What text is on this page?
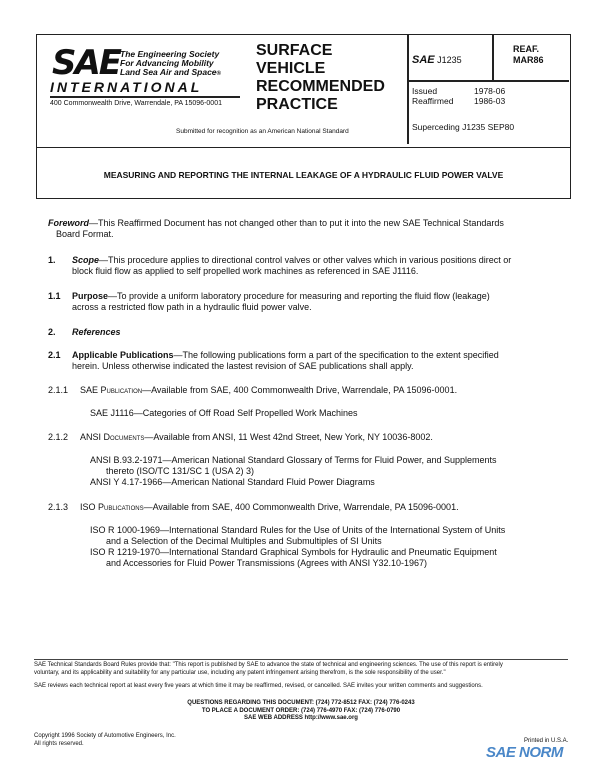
SAE The Engineering Society
For Advancing Mobility
Land Sea Air and Space®
INTERNATIONAL
400 Commonwealth Drive, Warrendale, PA 15096-0001
SURFACE
VEHICLE
RECOMMENDED
PRACTICE
SAE J1235
REAF.
MAR86
Issued	1978-06
Reaffirmed 1986-03
Superceding J1235 SEP80
Submitted for recognition as an American National Standard
MEASURING AND REPORTING THE INTERNAL LEAKAGE OF A HYDRAULIC FLUID POWER VALVE
Foreword—This Reaffirmed Document has not changed other than to put it into the new SAE Technical Standards
Board Format.
1. Scope—This procedure applies to directional control valves or other valves which in various positions direct or
block fluid flow as applied to self propelled work machines as referenced in SAE J1116.
1.1 Purpose—To provide a uniform laboratory procedure for measuring and reporting the fluid flow (leakage)
across a restricted flow path in a hydraulic fluid power valve.
2. References
2.1 Applicable Publications—The following publications form a part of the specification to the extent specified
herein. Unless otherwise indicated the lastest revision of SAE publications shall apply.
2.1.1 SAE Publication—Available from SAE, 400 Commonwealth Drive, Warrendale, PA 15096-0001.
SAE J1116—Categories of Off Road Self Propelled Work Machines
2.1.2 ANSI Documents—Available from ANSI, 11 West 42nd Street, New York, NY 10036-8002.
ANSI B.93.2-1971—American National Standard Glossary of Terms for Fluid Power, and Supplements
thereto (ISO/TC 131/SC 1 (USA 2) 3)
ANSI Y 4.17-1966—American National Standard Fluid Power Diagrams
2.1.3 ISO Publications—Available from SAE, 400 Commonwealth Drive, Warrendale, PA 15096-0001.
ISO R 1000-1969—International Standard Rules for the Use of Units of the International System of Units
and a Selection of the Decimal Multiples and Submultiples of SI Units
ISO R 1219-1970—International Standard Graphical Symbols for Hydraulic and Pneumatic Equipment
and Accessories for Fluid Power Transmissions (Agrees with ANSI Y32.10-1967)
SAE Technical Standards Board Rules provide that: "This report is published by SAE to advance the state of technical and engineering sciences. The use of this report is entirely
voluntary, and its applicability and suitability for any particular use, including any patent infringement arising therefrom, is the sole responsibility of the user."
SAE reviews each technical report at least every five years at which time it may be reaffirmed, revised, or cancelled. SAE invites your written comments and suggestions.
QUESTIONS REGARDING THIS DOCUMENT: (724) 772-8512 FAX: (724) 776-0243
TO PLACE A DOCUMENT ORDER: (724) 776-4970 FAX: (724) 776-0790
SAE WEB ADDRESS http://www.sae.org
Copyright 1996 Society of Automotive Engineers, Inc.
All rights reserved.	Printed in U.S.A.
SAE NORM
